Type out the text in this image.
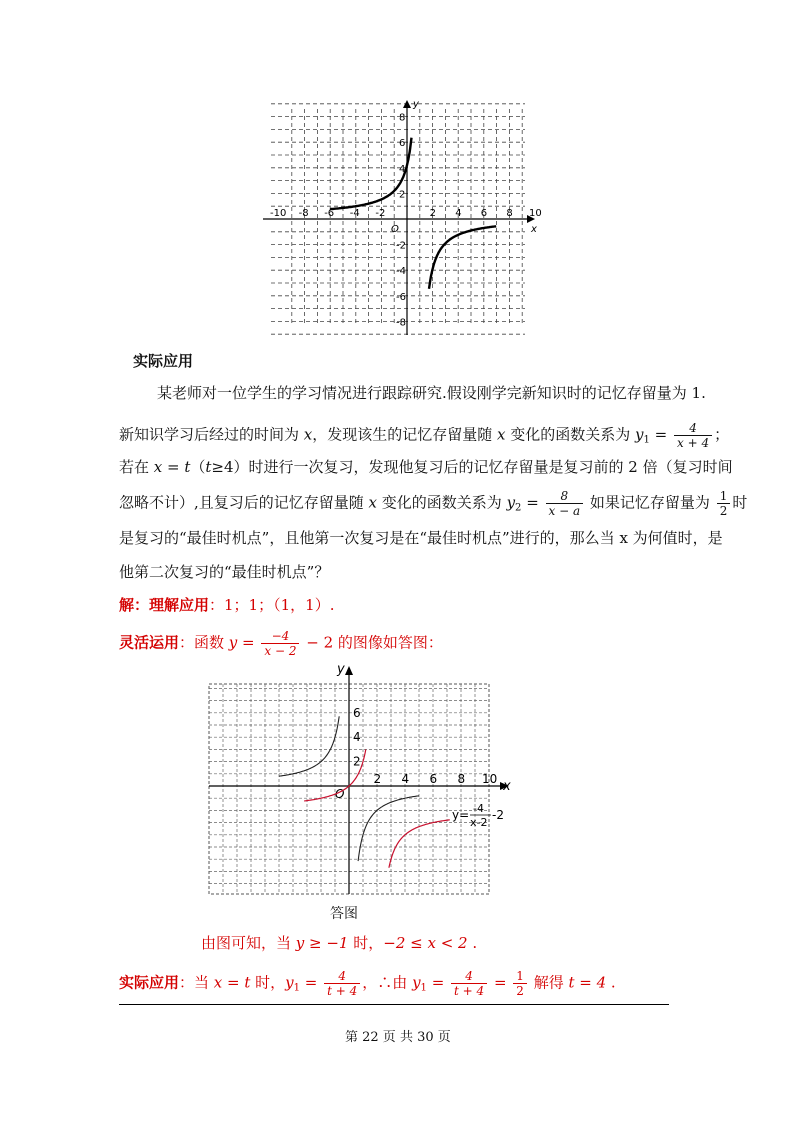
y
x
O
-10 -8 -6 -4 -2	2 4 6 8 10
8
6
4
2
-2
-4
-6
-8
实际应用
某老师对一位学生的学习情况进行跟踪研究.假设刚学完新知识时的记忆存留量为 1.
新知识学习后经过的时间为 x，发现该生的记忆存留量随 x 变化的函数关系为 $y_1 = \frac{4}{x + 4}$ ；
若在 x = t（t≥4）时进行一次复习，发现他复习后的记忆存留量是复习前的 2 倍（复习时间
忽略不计）,且复习后的记忆存留量随 x 变化的函数关系为 $y_2 = \frac{8}{x - a}$ 如果记忆存留量为 $\frac{1}{2}$ 时
是复习的“最佳时机点”，且他第一次复习是在“最佳时机点”进行的，那么当 x 为何值时，是
他第二次复习的“最佳时机点”？
解：理解应用：1；1；（1，1）.
灵活运用：函数 $y = \frac{-4}{x - 2} - 2$ 的图像如答图：
y
x
O
2 4 6 8 10
6
4
2
y= -4
x-2
-2
答图
由图可知，当 y ≥ −1 时，−2 ≤ x < 2 .
实际应用：当 x = t 时，$y_1 = \frac{4}{t + 4}$ ，∴由 $y_1 = \frac{4}{t + 4} = \frac{1}{2}$ 解得 t = 4 .
第 22 页 共 30 页
